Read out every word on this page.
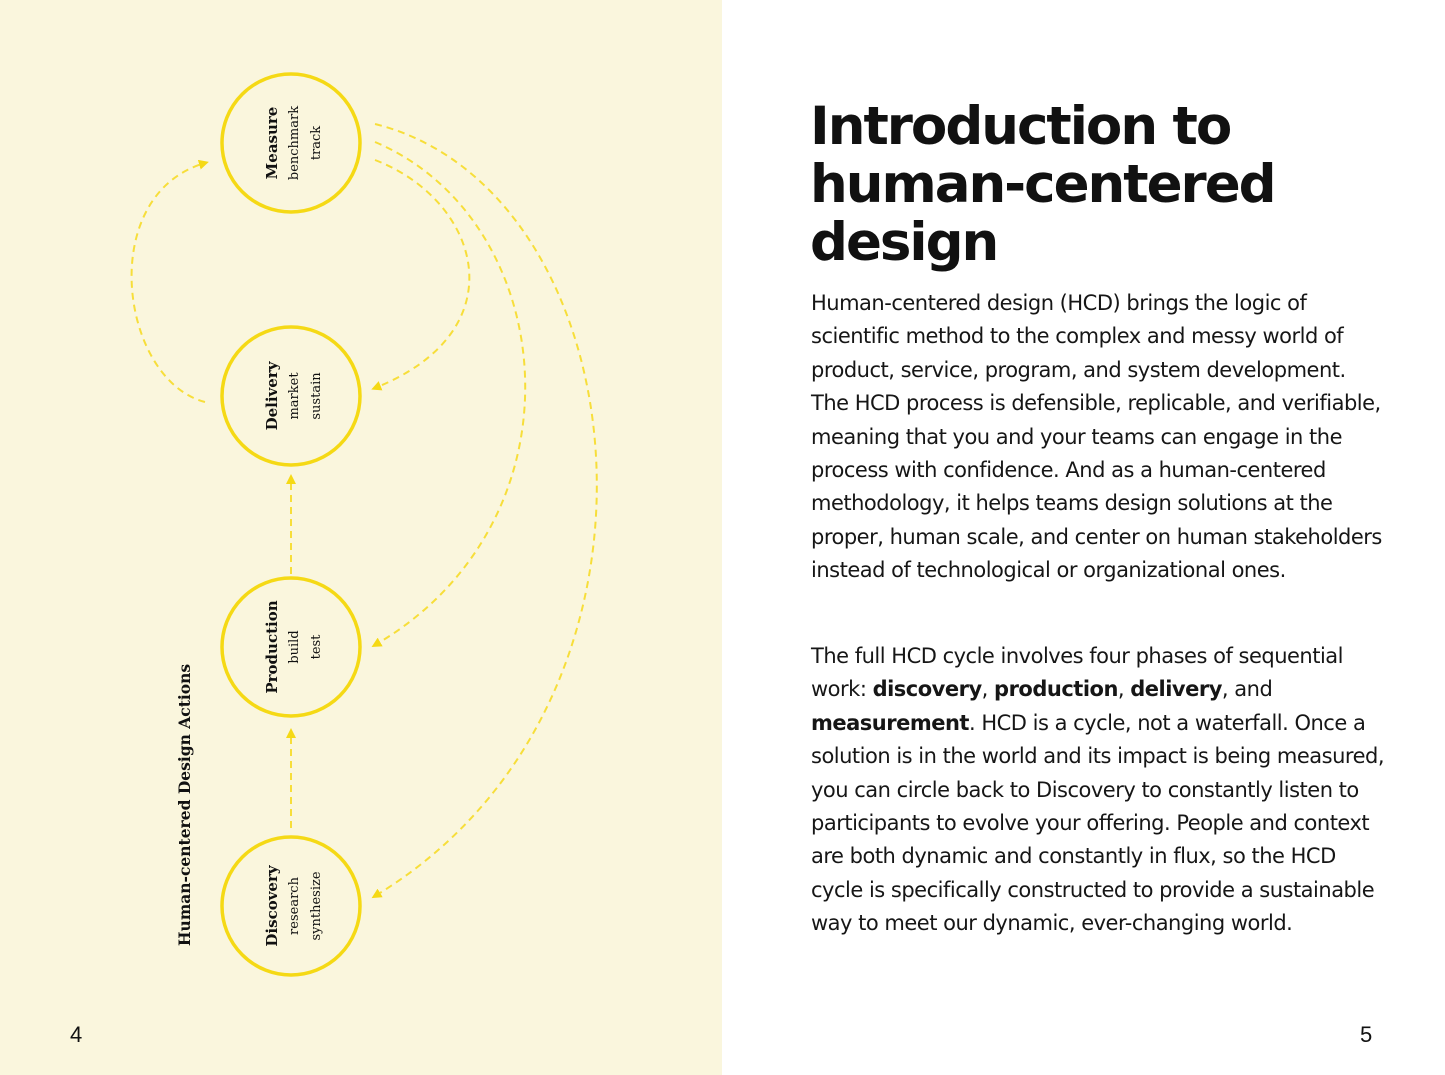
Measure benchmark track
Delivery market sustain
Production build test
Discovery research synthesize
Human-centered Design Actions
4
Introduction to human-centered design

Human-centered design (HCD) brings the logic of scientific method to the complex and messy world of product, service, program, and system development. The HCD process is defensible, replicable, and verifiable, meaning that you and your teams can engage in the process with confidence. And as a human-centered methodology, it helps teams design solutions at the proper, human scale, and center on human stakeholders instead of technological or organizational ones.

The full HCD cycle involves four phases of sequential work: discovery, production, delivery, and measurement. HCD is a cycle, not a waterfall. Once a solution is in the world and its impact is being measured, you can circle back to Discovery to constantly listen to participants to evolve your offering. People and context are both dynamic and constantly in flux, so the HCD cycle is specifically constructed to provide a sustainable way to meet our dynamic, ever-changing world.

5
